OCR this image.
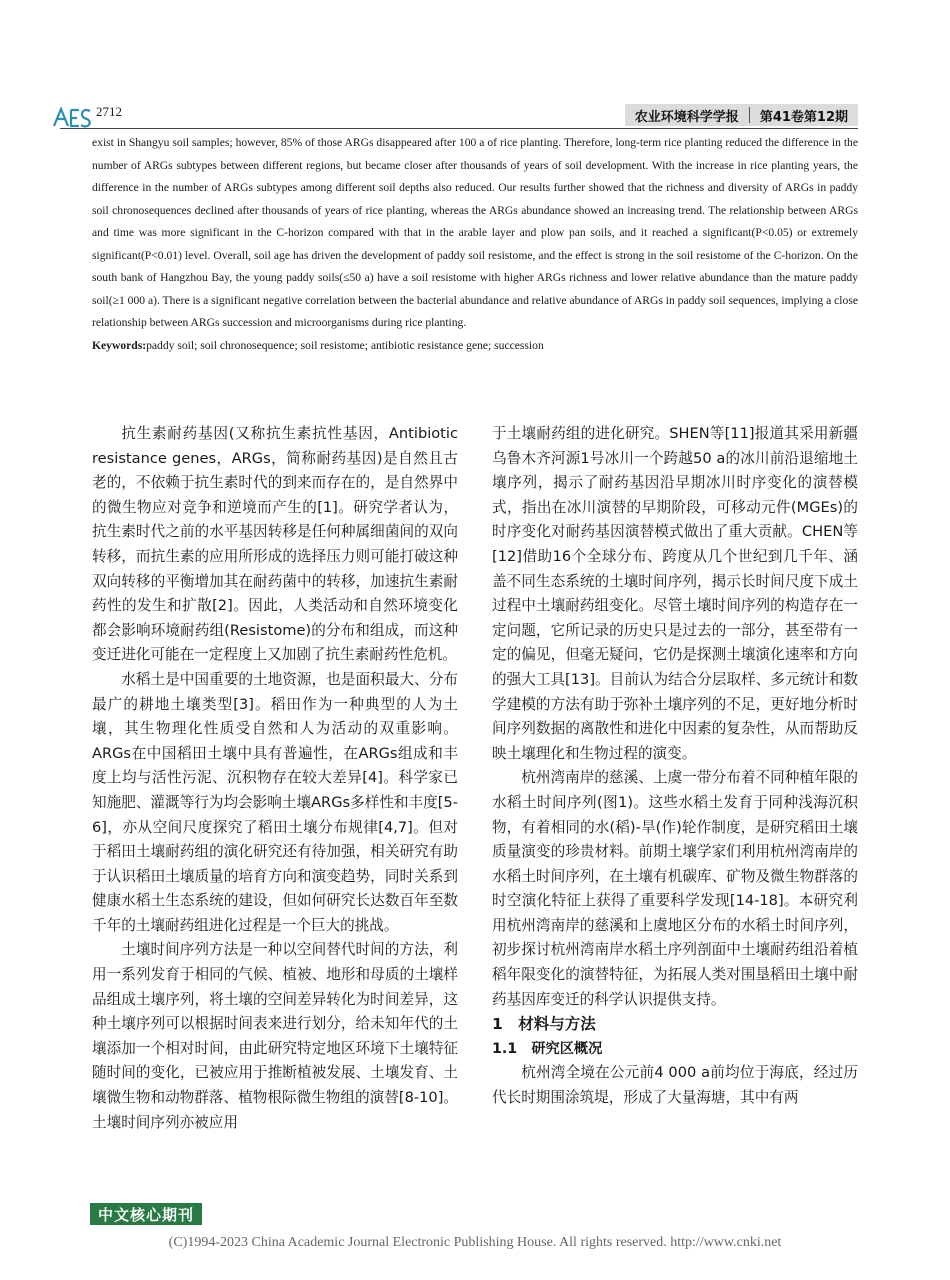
2712	农业环境科学学报 第41卷第12期

exist in Shangyu soil samples; however, 85% of those ARGs disappeared after 100 a of rice planting. Therefore, long-term rice planting reduced the difference in the number of ARGs subtypes between different regions, but became closer after thousands of years of soil development. With the increase in rice planting years, the difference in the number of ARGs subtypes among different soil depths also reduced. Our results further showed that the richness and diversity of ARGs in paddy soil chronosequences declined after thousands of years of rice planting, whereas the ARGs abundance showed an increasing trend. The relationship between ARGs and time was more significant in the C-horizon compared with that in the arable layer and plow pan soils, and it reached a significant(P<0.05) or extremely significant(P<0.01) level. Overall, soil age has driven the development of paddy soil resistome, and the effect is strong in the soil resistome of the C-horizon. On the south bank of Hangzhou Bay, the young paddy soils(≤50 a) have a soil resistome with higher ARGs richness and lower relative abundance than the mature paddy soil(≥1 000 a). There is a significant negative correlation between the bacterial abundance and relative abundance of ARGs in paddy soil sequences, implying a close relationship between ARGs succession and microorganisms during rice planting.

Keywords:paddy soil; soil chronosequence; soil resistome; antibiotic resistance gene; succession

抗生素耐药基因(又称抗生素抗性基因，Antibiotic resistance genes，ARGs，简称耐药基因)是自然且古老的，不依赖于抗生素时代的到来而存在的，是自然界中的微生物应对竞争和逆境而产生的[1]。研究学者认为，抗生素时代之前的水平基因转移是任何种属细菌间的双向转移，而抗生素的应用所形成的选择压力则可能打破这种双向转移的平衡增加其在耐药菌中的转移，加速抗生素耐药性的发生和扩散[2]。因此，人类活动和自然环境变化都会影响环境耐药组(Resistome)的分布和组成，而这种变迁进化可能在一定程度上又加剧了抗生素耐药性危机。

水稻土是中国重要的土地资源，也是面积最大、分布最广的耕地土壤类型[3]。稻田作为一种典型的人为土壤，其生物理化性质受自然和人为活动的双重影响。ARGs在中国稻田土壤中具有普遍性，在ARGs组成和丰度上均与活性污泥、沉积物存在较大差异[4]。科学家已知施肥、灌溉等行为均会影响土壤ARGs多样性和丰度[5-6]，亦从空间尺度探究了稻田土壤分布规律[4,7]。但对于稻田土壤耐药组的演化研究还有待加强，相关研究有助于认识稻田土壤质量的培育方向和演变趋势，同时关系到健康水稻土生态系统的建设，但如何研究长达数百年至数千年的土壤耐药组进化过程是一个巨大的挑战。

土壤时间序列方法是一种以空间替代时间的方法，利用一系列发育于相同的气候、植被、地形和母质的土壤样品组成土壤序列，将土壤的空间差异转化为时间差异，这种土壤序列可以根据时间表来进行划分，给未知年代的土壤添加一个相对时间，由此研究特定地区环境下土壤特征随时间的变化，已被应用于推断植被发展、土壤发育、土壤微生物和动物群落、植物根际微生物组的演替[8-10]。土壤时间序列亦被应用

于土壤耐药组的进化研究。SHEN等[11]报道其采用新疆乌鲁木齐河源1号冰川一个跨越50 a的冰川前沿退缩地土壤序列，揭示了耐药基因沿早期冰川时序变化的演替模式，指出在冰川演替的早期阶段，可移动元件(MGEs)的时序变化对耐药基因演替模式做出了重大贡献。CHEN等[12]借助16个全球分布、跨度从几个世纪到几千年、涵盖不同生态系统的土壤时间序列，揭示长时间尺度下成土过程中土壤耐药组变化。尽管土壤时间序列的构造存在一定问题，它所记录的历史只是过去的一部分，甚至带有一定的偏见，但毫无疑问，它仍是探测土壤演化速率和方向的强大工具[13]。目前认为结合分层取样、多元统计和数学建模的方法有助于弥补土壤序列的不足，更好地分析时间序列数据的离散性和进化中因素的复杂性，从而帮助反映土壤理化和生物过程的演变。

杭州湾南岸的慈溪、上虞一带分布着不同种植年限的水稻土时间序列(图1)。这些水稻土发育于同种浅海沉积物，有着相同的水(稻)-旱(作)轮作制度，是研究稻田土壤质量演变的珍贵材料。前期土壤学家们利用杭州湾南岸的水稻土时间序列，在土壤有机碳库、矿物及微生物群落的时空演化特征上获得了重要科学发现[14-18]。本研究利用杭州湾南岸的慈溪和上虞地区分布的水稻土时间序列，初步探讨杭州湾南岸水稻土序列剖面中土壤耐药组沿着植稻年限变化的演替特征，为拓展人类对围垦稻田土壤中耐药基因库变迁的科学认识提供支持。

1　材料与方法

1.1　研究区概况

杭州湾全境在公元前4 000 a前均位于海底，经过历代长时期围涂筑堤，形成了大量海塘，其中有两

中文核心期刊
(C)1994-2023 China Academic Journal Electronic Publishing House. All rights reserved. http://www.cnki.net
